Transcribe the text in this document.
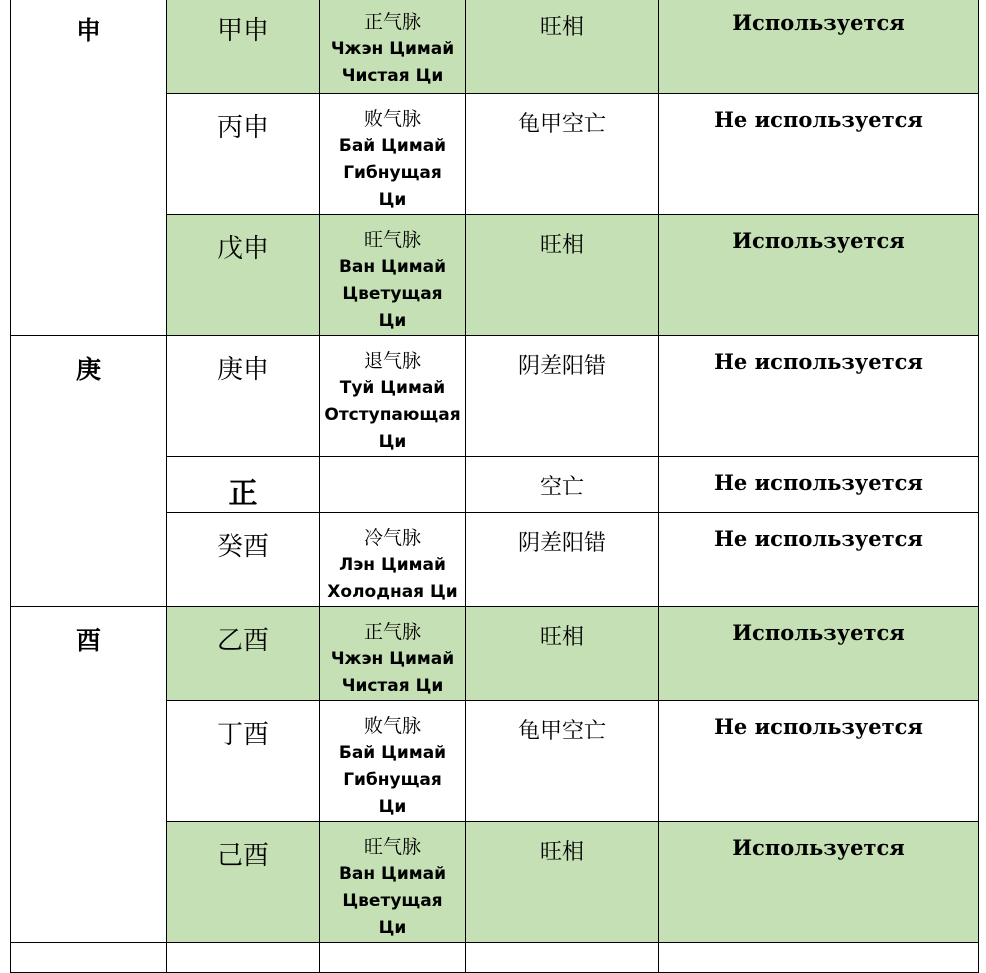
申	甲申	正气脉
Чжэн Цимай
Чистая Ци	旺相	Используется
	丙申	败气脉
Бай Цимай
Гибнущая
Ци	龟甲空亡	Не используется
	戊申	旺气脉
Ван Цимай
Цветущая
Ци	旺相	Используется
庚	庚申	退气脉
Туй Цимай
Отступающая
Ци	阴差阳错	Не используется
	正		空亡	Не используется
	癸酉	冷气脉
Лэн Цимай
Холодная Ци	阴差阳错	Не используется
酉	乙酉	正气脉
Чжэн Цимай
Чистая Ци	旺相	Используется
	丁酉	败气脉
Бай Цимай
Гибнущая
Ци	龟甲空亡	Не используется
	己酉	旺气脉
Ван Цимай
Цветущая
Ци	旺相	Используется
